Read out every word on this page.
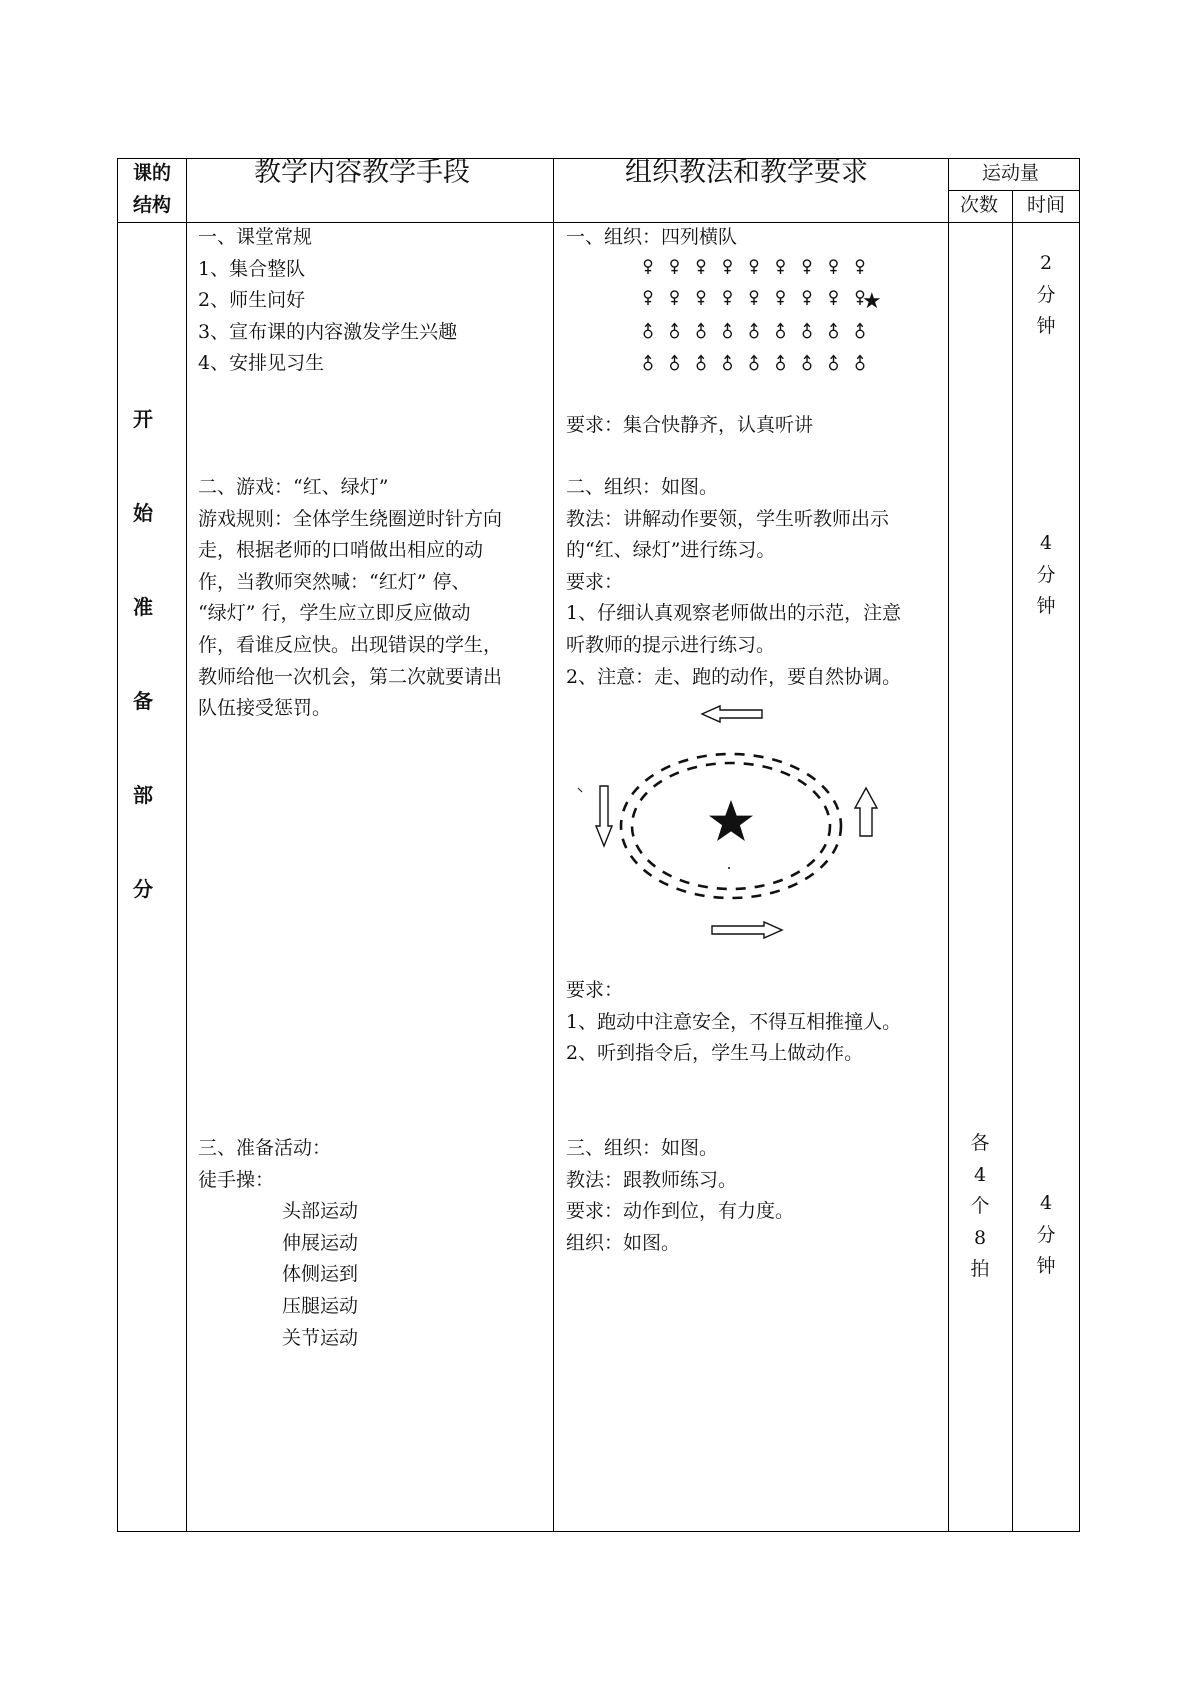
课的
结构
教学内容教学手段	组织教法和教学要求	运动量
次数 时间
开
始
准
备
部
分
一、课堂常规
1、集合整队
2、师生问好
3、宣布课的内容激发学生兴趣
4、安排见习生
二、游戏：“红、绿灯”
游戏规则：全体学生绕圈逆时针方向
走，根据老师的口哨做出相应的动
作，当教师突然喊：“红灯” 停、
“绿灯” 行，学生应立即反应做动
作，看谁反应快。出现错误的学生，
教师给他一次机会，第二次就要请出
队伍接受惩罚。
三、准备活动：
徒手操：
头部运动
伸展运动
体侧运到
压腿运动
关节运动
一、组织：四列横队
★
要求：集合快静齐，认真听讲
二、组织：如图。
教法：讲解动作要领，学生听教师出示
的“红、绿灯”进行练习。
要求：
1、仔细认真观察老师做出的示范，注意
听教师的提示进行练习。
2、注意：走、跑的动作，要自然协调。
要求：
1、跑动中注意安全，不得互相推撞人。
2、听到指令后，学生马上做动作。
三、组织：如图。
教法：跟教师练习。
要求：动作到位，有力度。
组织：如图。
各
4
个
8
拍
2
分
钟
4
分
钟
4
分
钟
